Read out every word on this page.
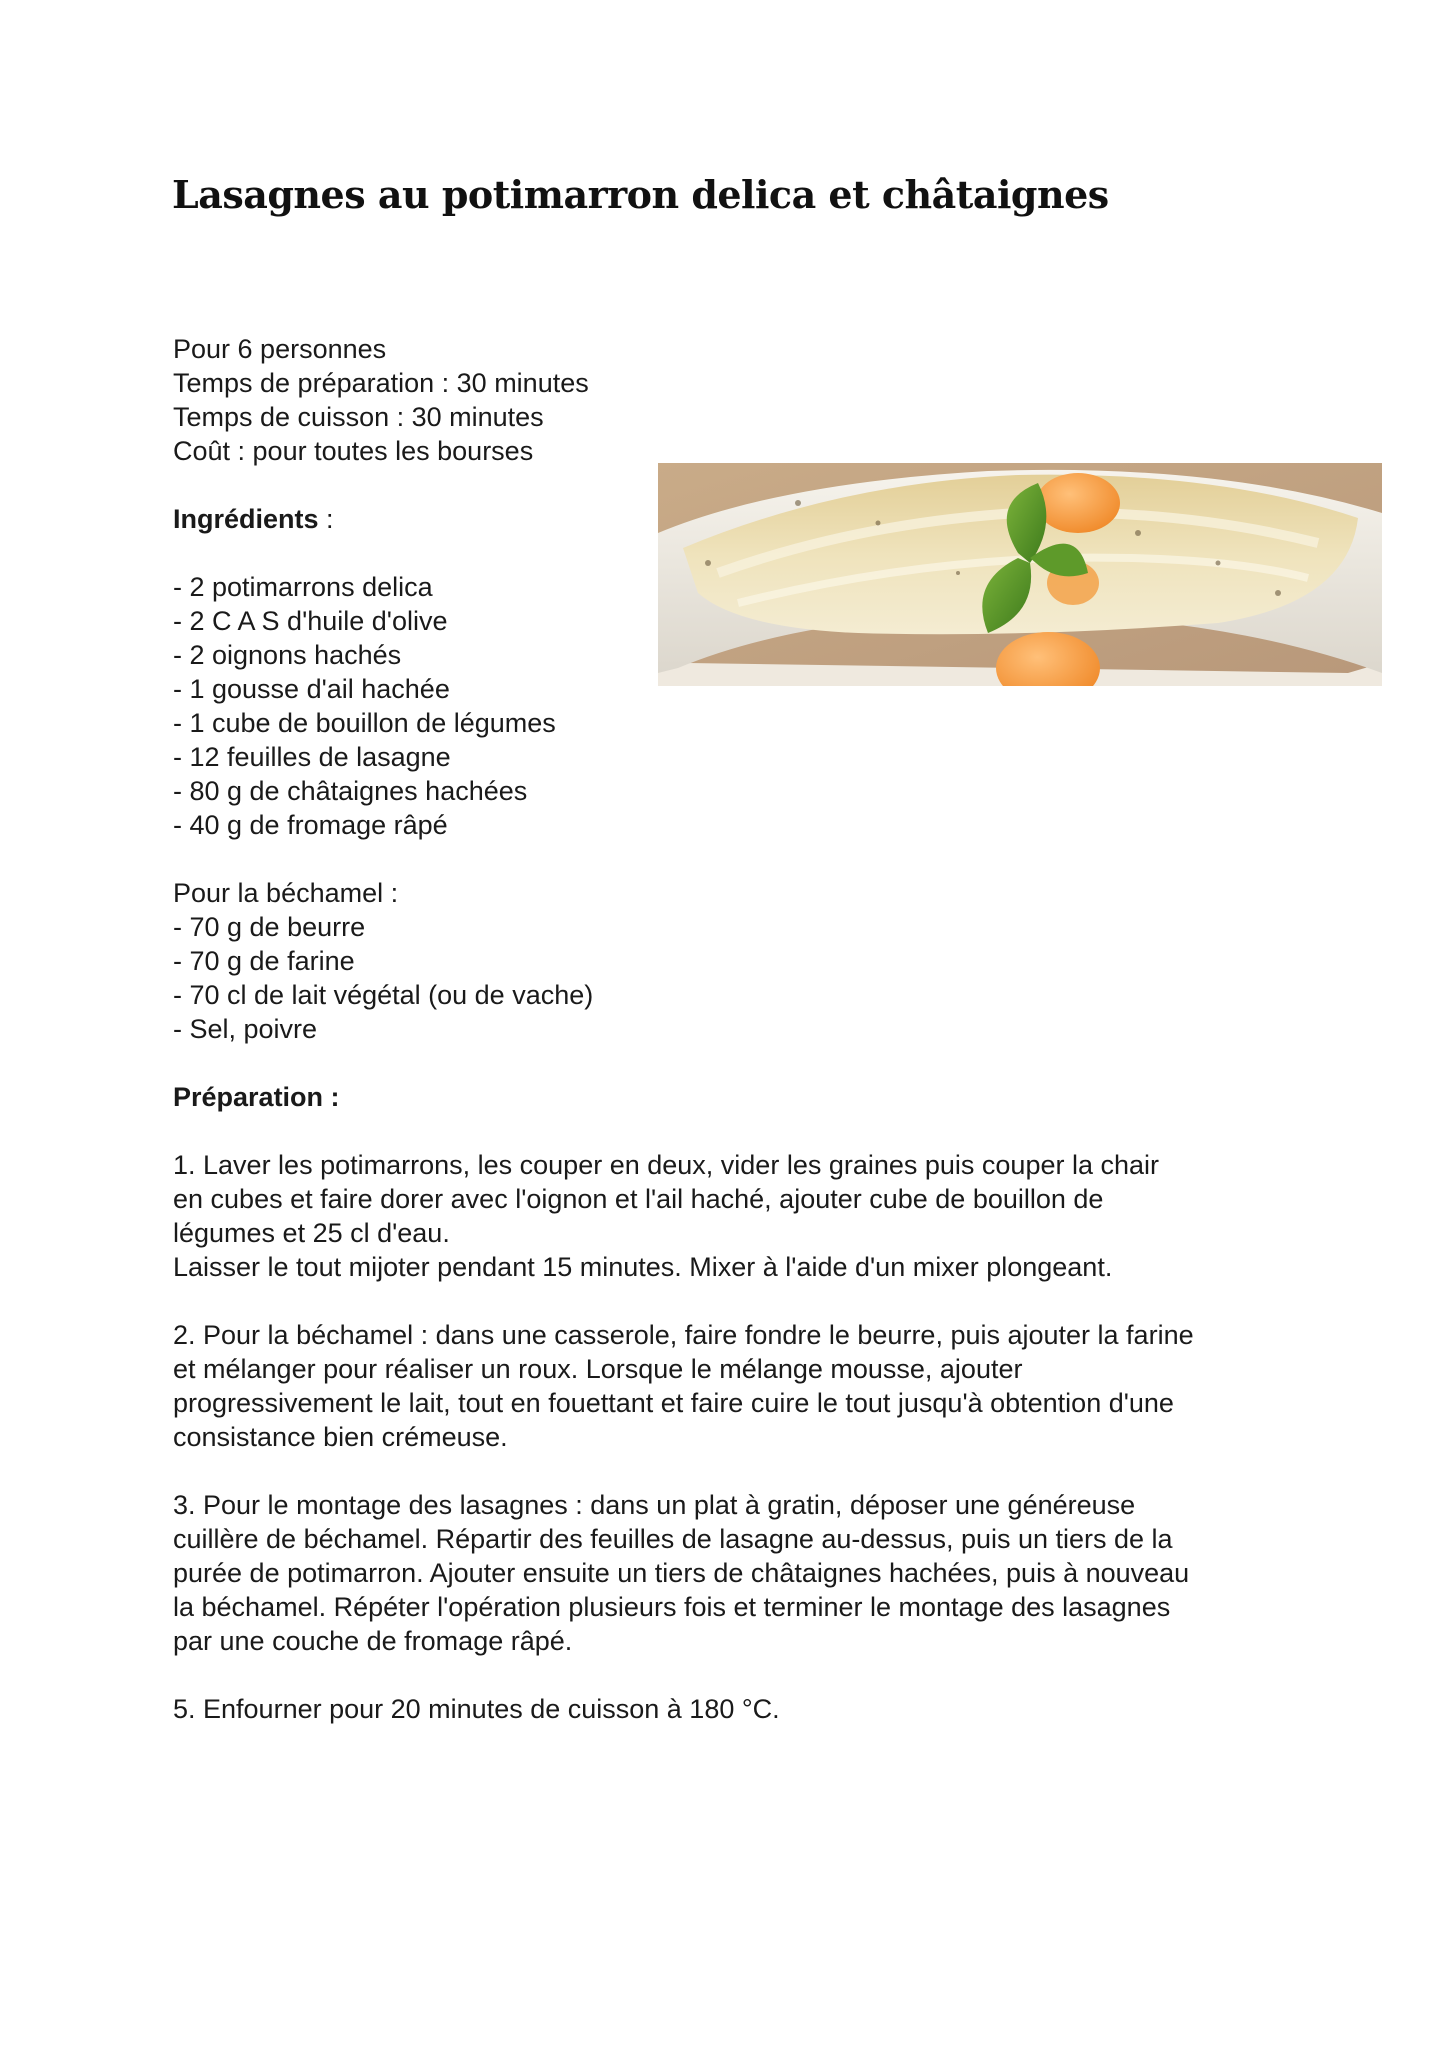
Lasagnes au potimarron delica et châtaignes

Pour 6 personnes

Temps de préparation : 30 minutes

Temps de cuisson : 30 minutes

Coût : pour toutes les bourses

Ingrédients :

- 2 potimarrons delica

- 2 C A S d'huile d'olive

- 2 oignons hachés

- 1 gousse d'ail hachée

- 1 cube de bouillon de légumes

- 12 feuilles de lasagne

- 80 g de châtaignes hachées

- 40 g de fromage râpé

Pour la béchamel :

- 70 g de beurre

- 70 g de farine

- 70 cl de lait végétal (ou de vache)

- Sel, poivre

Préparation :

1. Laver les potimarrons, les couper en deux, vider les graines puis couper la chair

en cubes et faire dorer avec l'oignon et l'ail haché, ajouter cube de bouillon de

légumes et 25 cl d'eau.

Laisser le tout mijoter pendant 15 minutes. Mixer à l'aide d'un mixer plongeant.

2. Pour la béchamel : dans une casserole, faire fondre le beurre, puis ajouter la farine

et mélanger pour réaliser un roux. Lorsque le mélange mousse, ajouter

progressivement le lait, tout en fouettant et faire cuire le tout jusqu'à obtention d'une

consistance bien crémeuse.

3. Pour le montage des lasagnes : dans un plat à gratin, déposer une généreuse

cuillère de béchamel. Répartir des feuilles de lasagne au-dessus, puis un tiers de la

purée de potimarron. Ajouter ensuite un tiers de châtaignes hachées, puis à nouveau

la béchamel. Répéter l'opération plusieurs fois et terminer le montage des lasagnes

par une couche de fromage râpé.

5. Enfourner pour 20 minutes de cuisson à 180 °C.
